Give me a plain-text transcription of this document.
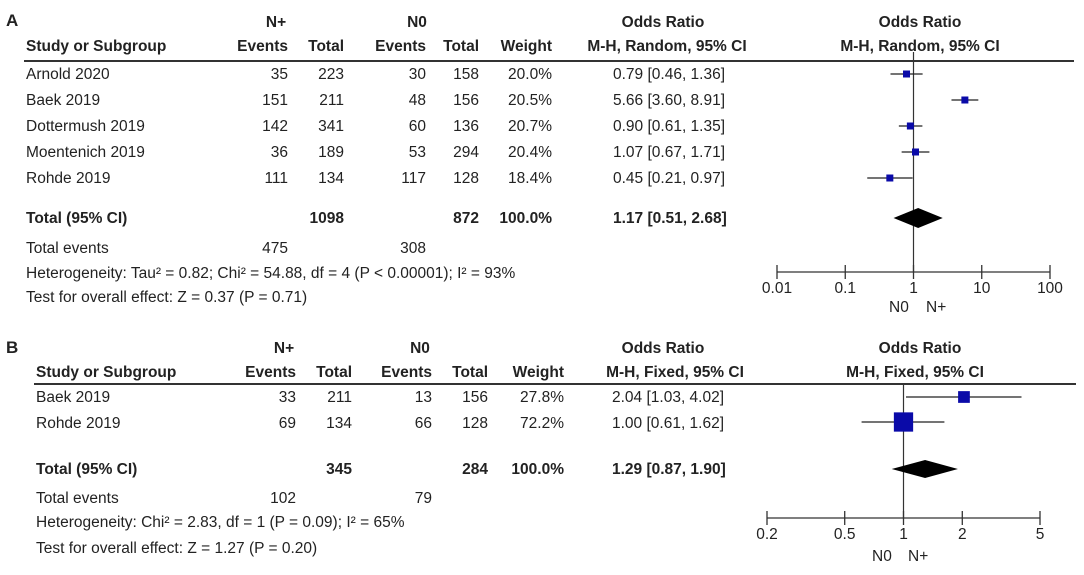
A	N+	N0	Odds Ratio	Odds Ratio
Study or Subgroup	Events	Total	Events	Total	Weight	M-H, Random, 95% CI	M-H, Random, 95% CI
Arnold 2020	35	223	30	158	20.0%	0.79 [0.46, 1.36]
Baek 2019	151	211	48	156	20.5%	5.66 [3.60, 8.91]
Dottermush 2019	142	341	60	136	20.7%	0.90 [0.61, 1.35]
Moentenich 2019	36	189	53	294	20.4%	1.07 [0.67, 1.71]
Rohde 2019	111	134	117	128	18.4%	0.45 [0.21, 0.97]
Total (95% CI)	1098	872	100.0%	1.17 [0.51, 2.68]
Total events	475	308
Heterogeneity: Tau² = 0.82; Chi² = 54.88, df = 4 (P < 0.00001); I² = 93%
Test for overall effect: Z = 0.37 (P = 0.71)
0.01	0.1	1	10	100
N0 N+
B	N+	N0	Odds Ratio	Odds Ratio
Study or Subgroup	Events	Total	Events	Total	Weight	M-H, Fixed, 95% CI	M-H, Fixed, 95% CI
Baek 2019	33	211	13	156	27.8%	2.04 [1.03, 4.02]
Rohde 2019	69	134	66	128	72.2%	1.00 [0.61, 1.62]
Total (95% CI)	345	284	100.0%	1.29 [0.87, 1.90]
Total events	102	79
Heterogeneity: Chi² = 2.83, df = 1 (P = 0.09); I² = 65%
Test for overall effect: Z = 1.27 (P = 0.20)
0.2	0.5	1	2	5
N0 N+
